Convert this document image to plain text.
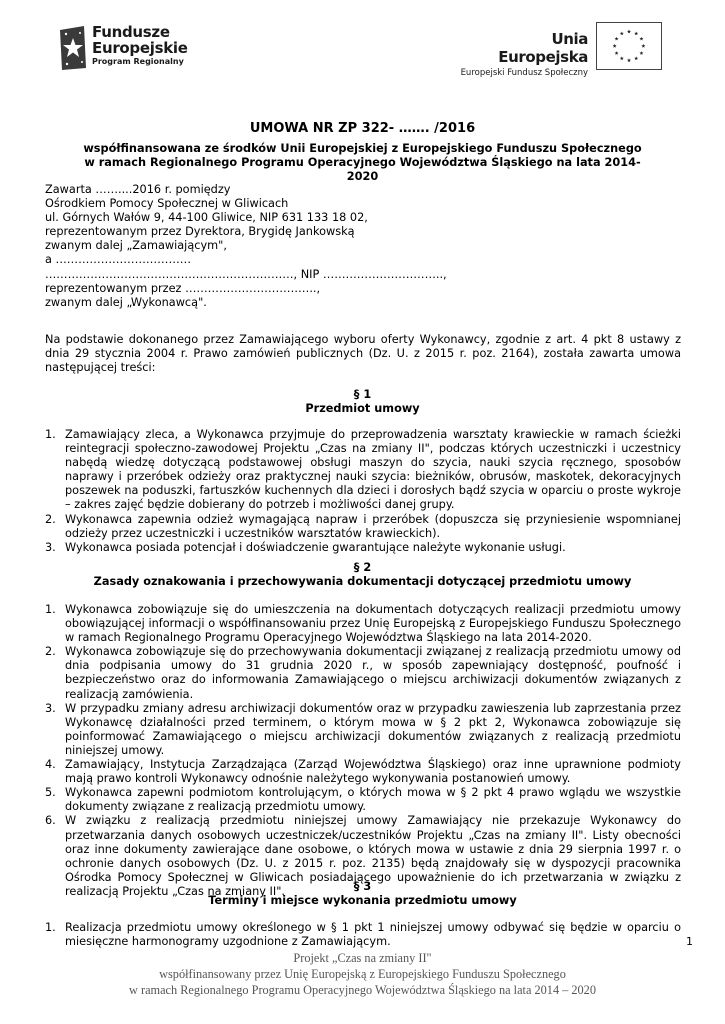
Fundusze
Europejskie
Program Regionalny
Unia Europejska
Europejski Fundusz Społeczny
UMOWA NR ZP 322- ……. /2016
współfinansowana ze środków Unii Europejskiej z Europejskiego Funduszu Społecznego w ramach Regionalnego Programu Operacyjnego Województwa Śląskiego na lata 2014-2020
Zawarta ……....2016 r. pomiędzy
Ośrodkiem Pomocy Społecznej w Gliwicach
ul. Górnych Wałów 9, 44-100 Gliwice, NIP 631 133 18 02,
reprezentowanym przez Dyrektora, Brygidę Jankowską
zwanym dalej „Zamawiającym",
a ………………………………
…………………………………………………………, NIP …………………………..,
reprezentowanym przez ……………………………..,
zwanym dalej „Wykonawcą".
Na podstawie dokonanego przez Zamawiającego wyboru oferty Wykonawcy, zgodnie z art. 4 pkt 8 ustawy z dnia 29 stycznia 2004 r. Prawo zamówień publicznych (Dz. U. z 2015 r. poz. 2164), została zawarta umowa następującej treści:
§ 1
Przedmiot umowy
1. Zamawiający zleca, a Wykonawca przyjmuje do przeprowadzenia warsztaty krawieckie w ramach ścieżki reintegracji społeczno-zawodowej Projektu „Czas na zmiany II", podczas których uczestniczki i uczestnicy nabędą wiedzę dotyczącą podstawowej obsługi maszyn do szycia, nauki szycia ręcznego, sposobów naprawy i przeróbek odzieży oraz praktycznej nauki szycia: bieżników, obrusów, maskotek, dekoracyjnych poszewek na poduszki, fartuszków kuchennych dla dzieci i dorosłych bądź szycia w oparciu o proste wykroje – zakres zajęć będzie dobierany do potrzeb i możliwości danej grupy.
2. Wykonawca zapewnia odzież wymagającą napraw i przeróbek (dopuszcza się przyniesienie wspomnianej odzieży przez uczestniczki i uczestników warsztatów krawieckich).
3. Wykonawca posiada potencjał i doświadczenie gwarantujące należyte wykonanie usługi.
§ 2
Zasady oznakowania i przechowywania dokumentacji dotyczącej przedmiotu umowy
1. Wykonawca zobowiązuje się do umieszczenia na dokumentach dotyczących realizacji przedmiotu umowy obowiązującej informacji o współfinansowaniu przez Unię Europejską z Europejskiego Funduszu Społecznego w ramach Regionalnego Programu Operacyjnego Województwa Śląskiego na lata 2014-2020.
2. Wykonawca zobowiązuje się do przechowywania dokumentacji związanej z realizacją przedmiotu umowy od dnia podpisania umowy do 31 grudnia 2020 r., w sposób zapewniający dostępność, poufność i bezpieczeństwo oraz do informowania Zamawiającego o miejscu archiwizacji dokumentów związanych z realizacją zamówienia.
3. W przypadku zmiany adresu archiwizacji dokumentów oraz w przypadku zawieszenia lub zaprzestania przez Wykonawcę działalności przed terminem, o którym mowa w § 2 pkt 2, Wykonawca zobowiązuje się poinformować Zamawiającego o miejscu archiwizacji dokumentów związanych z realizacją przedmiotu niniejszej umowy.
4. Zamawiający, Instytucja Zarządzająca (Zarząd Województwa Śląskiego) oraz inne uprawnione podmioty mają prawo kontroli Wykonawcy odnośnie należytego wykonywania postanowień umowy.
5. Wykonawca zapewni podmiotom kontrolującym, o których mowa w § 2 pkt 4 prawo wglądu we wszystkie dokumenty związane z realizacją przedmiotu umowy.
6. W związku z realizacją przedmiotu niniejszej umowy Zamawiający nie przekazuje Wykonawcy do przetwarzania danych osobowych uczestniczek/uczestników Projektu „Czas na zmiany II". Listy obecności oraz inne dokumenty zawierające dane osobowe, o których mowa w ustawie z dnia 29 sierpnia 1997 r. o ochronie danych osobowych (Dz. U. z 2015 r. poz. 2135) będą znajdowały się w dyspozycji pracownika Ośrodka Pomocy Społecznej w Gliwicach posiadającego upoważnienie do ich przetwarzania w związku z realizacją Projektu „Czas na zmiany II".	§ 3
Terminy i miejsce wykonania przedmiotu umowy
1. Realizacja przedmiotu umowy określonego w § 1 pkt 1 niniejszej umowy odbywać się będzie w oparciu o miesięczne harmonogramy uzgodnione z Zamawiającym.	1
Projekt „Czas na zmiany II"
współfinansowany przez Unię Europejską z Europejskiego Funduszu Społecznego
w ramach Regionalnego Programu Operacyjnego Województwa Śląskiego na lata 2014 – 2020
